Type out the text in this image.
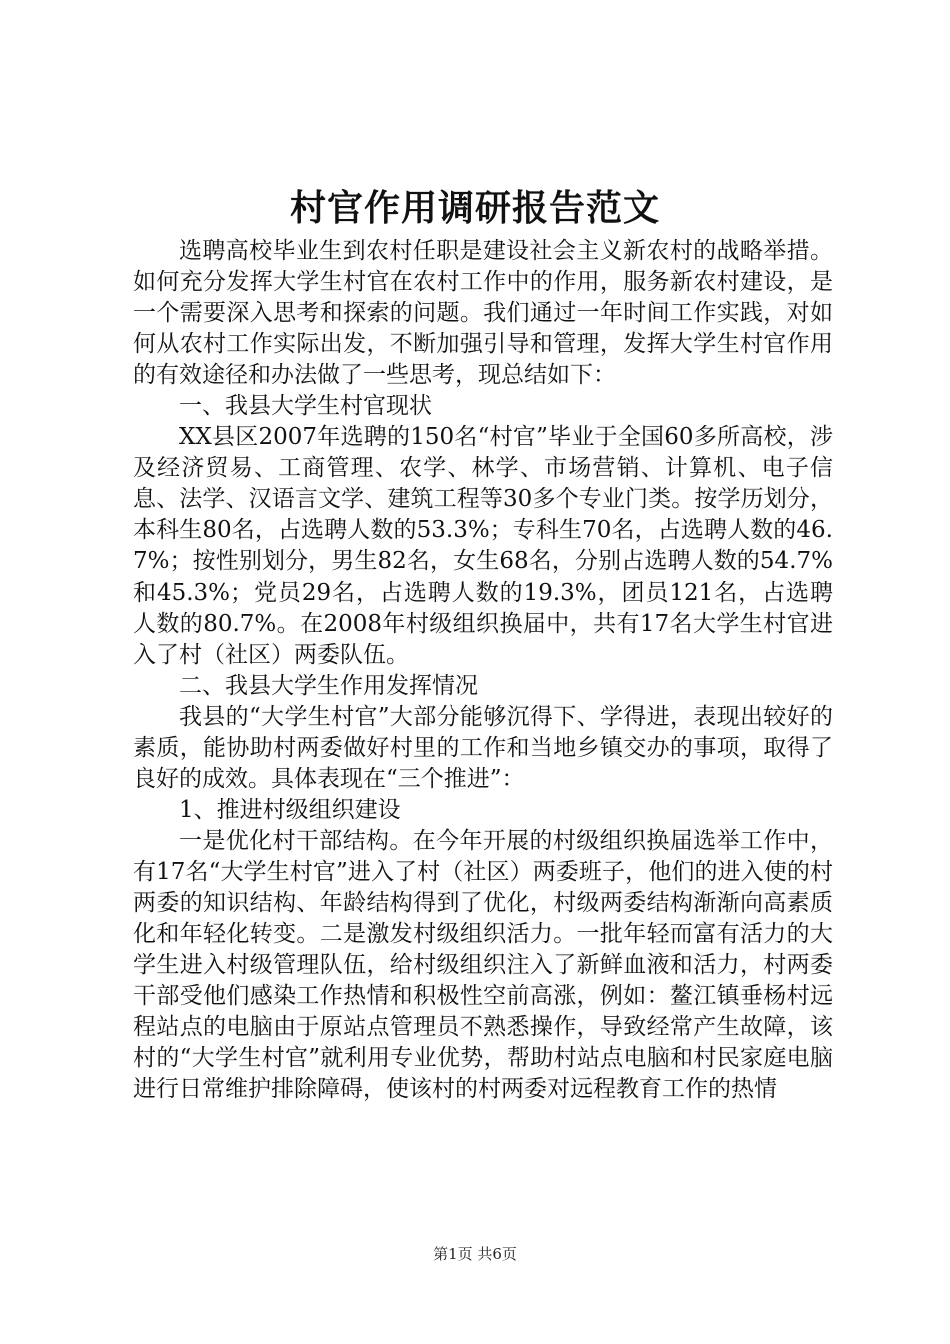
村官作用调研报告范文

选聘高校毕业生到农村任职是建设社会主义新农村的战略举措。如何充分发挥大学生村官在农村工作中的作用，服务新农村建设，是一个需要深入思考和探索的问题。我们通过一年时间工作实践，对如何从农村工作实际出发，不断加强引导和管理，发挥大学生村官作用的有效途径和办法做了一些思考，现总结如下：

一、我县大学生村官现状

XX县区2007年选聘的150名“村官”毕业于全国60多所高校，涉及经济贸易、工商管理、农学、林学、市场营销、计算机、电子信息、法学、汉语言文学、建筑工程等30多个专业门类。按学历划分，本科生80名，占选聘人数的53.3%；专科生70名，占选聘人数的46.7%；按性别划分，男生82名，女生68名，分别占选聘人数的54.7%和45.3%；党员29名，占选聘人数的19.3%，团员121名，占选聘人数的80.7%。在2008年村级组织换届中，共有17名大学生村官进入了村（社区）两委队伍。

二、我县大学生作用发挥情况

我县的“大学生村官”大部分能够沉得下、学得进，表现出较好的素质，能协助村两委做好村里的工作和当地乡镇交办的事项，取得了良好的成效。具体表现在“三个推进”：

1、推进村级组织建设

一是优化村干部结构。在今年开展的村级组织换届选举工作中，有17名“大学生村官”进入了村（社区）两委班子，他们的进入使的村两委的知识结构、年龄结构得到了优化，村级两委结构渐渐向高素质化和年轻化转变。二是激发村级组织活力。一批年轻而富有活力的大学生进入村级管理队伍，给村级组织注入了新鲜血液和活力，村两委干部受他们感染工作热情和积极性空前高涨，例如：鳌江镇垂杨村远程站点的电脑由于原站点管理员不熟悉操作，导致经常产生故障，该村的“大学生村官”就利用专业优势，帮助村站点电脑和村民家庭电脑进行日常维护排除障碍，使该村的村两委对远程教育工作的热情

第1页 共6页
